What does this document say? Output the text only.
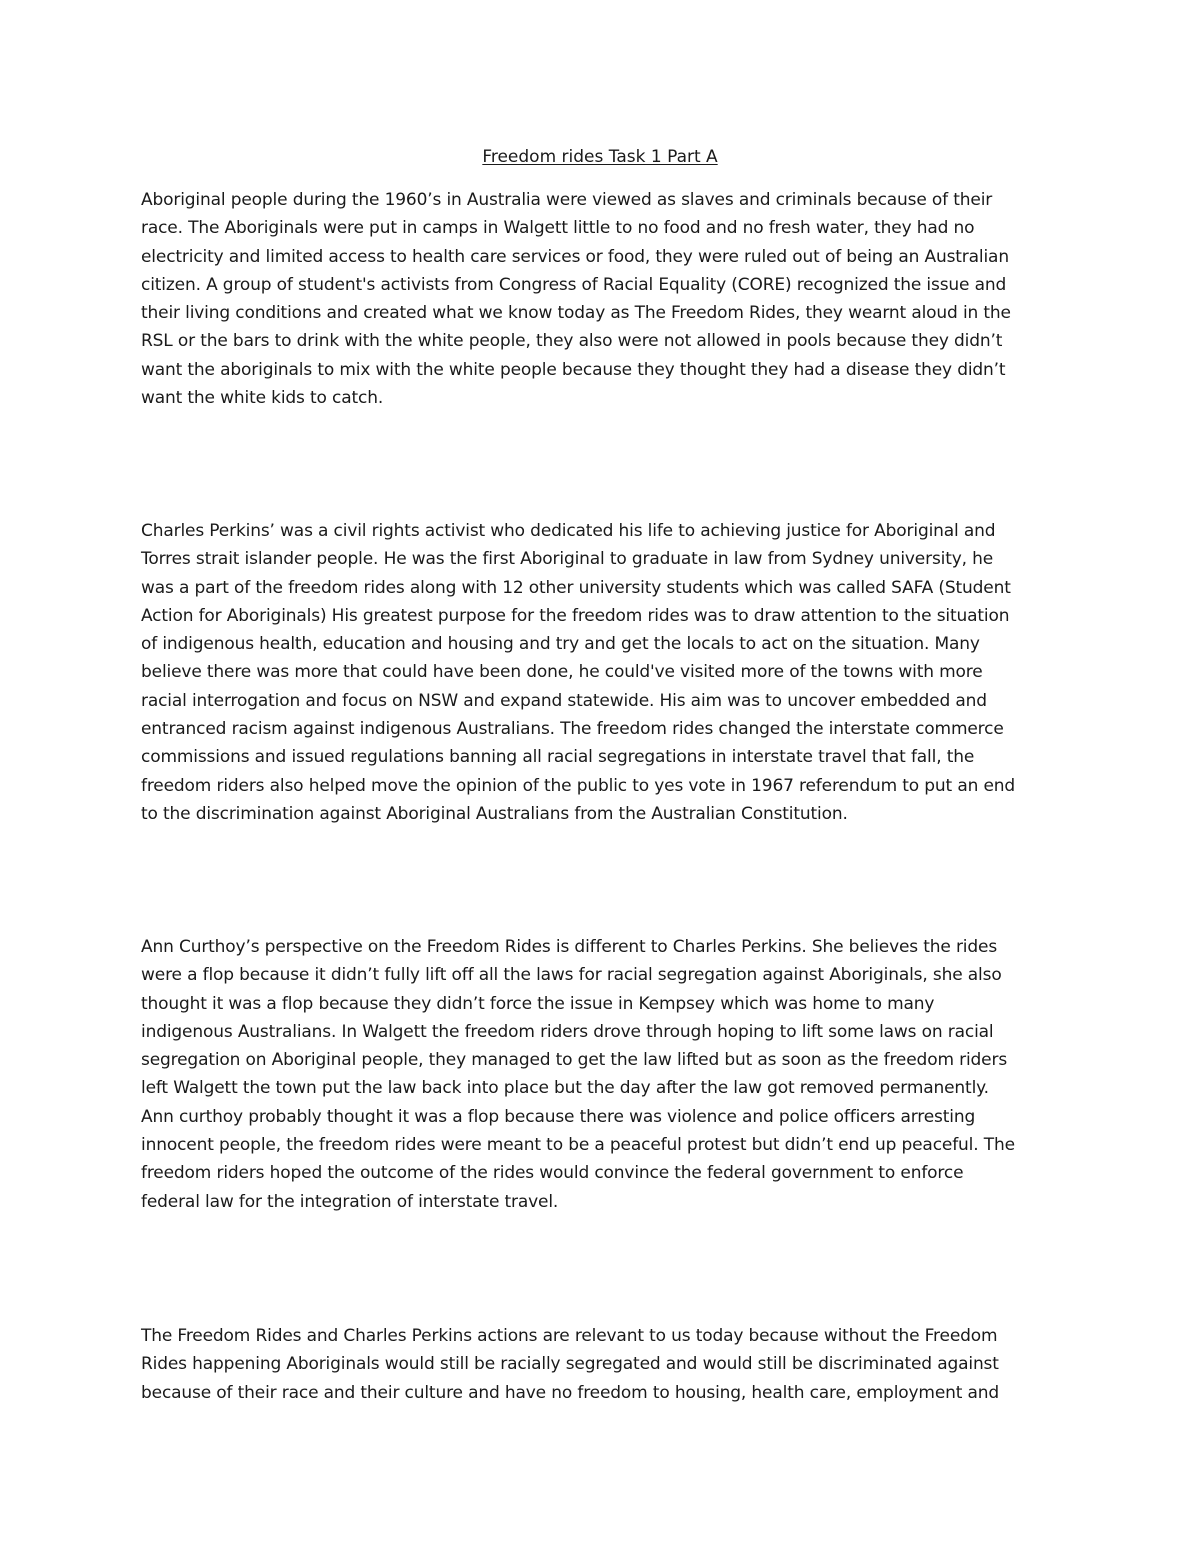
Freedom rides Task 1 Part A
Aboriginal people during the 1960’s in Australia were viewed as slaves and criminals because of their
race. The Aboriginals were put in camps in Walgett little to no food and no fresh water, they had no
electricity and limited access to health care services or food, they were ruled out of being an Australian
citizen. A group of student's activists from Congress of Racial Equality (CORE) recognized the issue and
their living conditions and created what we know today as The Freedom Rides, they wearnt aloud in the
RSL or the bars to drink with the white people, they also were not allowed in pools because they didn’t
want the aboriginals to mix with the white people because they thought they had a disease they didn’t
want the white kids to catch.
Charles Perkins’ was a civil rights activist who dedicated his life to achieving justice for Aboriginal and
Torres strait islander people. He was the first Aboriginal to graduate in law from Sydney university, he
was a part of the freedom rides along with 12 other university students which was called SAFA (Student
Action for Aboriginals) His greatest purpose for the freedom rides was to draw attention to the situation
of indigenous health, education and housing and try and get the locals to act on the situation. Many
believe there was more that could have been done, he could've visited more of the towns with more
racial interrogation and focus on NSW and expand statewide. His aim was to uncover embedded and
entranced racism against indigenous Australians. The freedom rides changed the interstate commerce
commissions and issued regulations banning all racial segregations in interstate travel that fall, the
freedom riders also helped move the opinion of the public to yes vote in 1967 referendum to put an end
to the discrimination against Aboriginal Australians from the Australian Constitution.
Ann Curthoy’s perspective on the Freedom Rides is different to Charles Perkins. She believes the rides
were a flop because it didn’t fully lift off all the laws for racial segregation against Aboriginals, she also
thought it was a flop because they didn’t force the issue in Kempsey which was home to many
indigenous Australians. In Walgett the freedom riders drove through hoping to lift some laws on racial
segregation on Aboriginal people, they managed to get the law lifted but as soon as the freedom riders
left Walgett the town put the law back into place but the day after the law got removed permanently.
Ann curthoy probably thought it was a flop because there was violence and police officers arresting
innocent people, the freedom rides were meant to be a peaceful protest but didn’t end up peaceful. The
freedom riders hoped the outcome of the rides would convince the federal government to enforce
federal law for the integration of interstate travel.
The Freedom Rides and Charles Perkins actions are relevant to us today because without the Freedom
Rides happening Aboriginals would still be racially segregated and would still be discriminated against
because of their race and their culture and have no freedom to housing, health care, employment and
